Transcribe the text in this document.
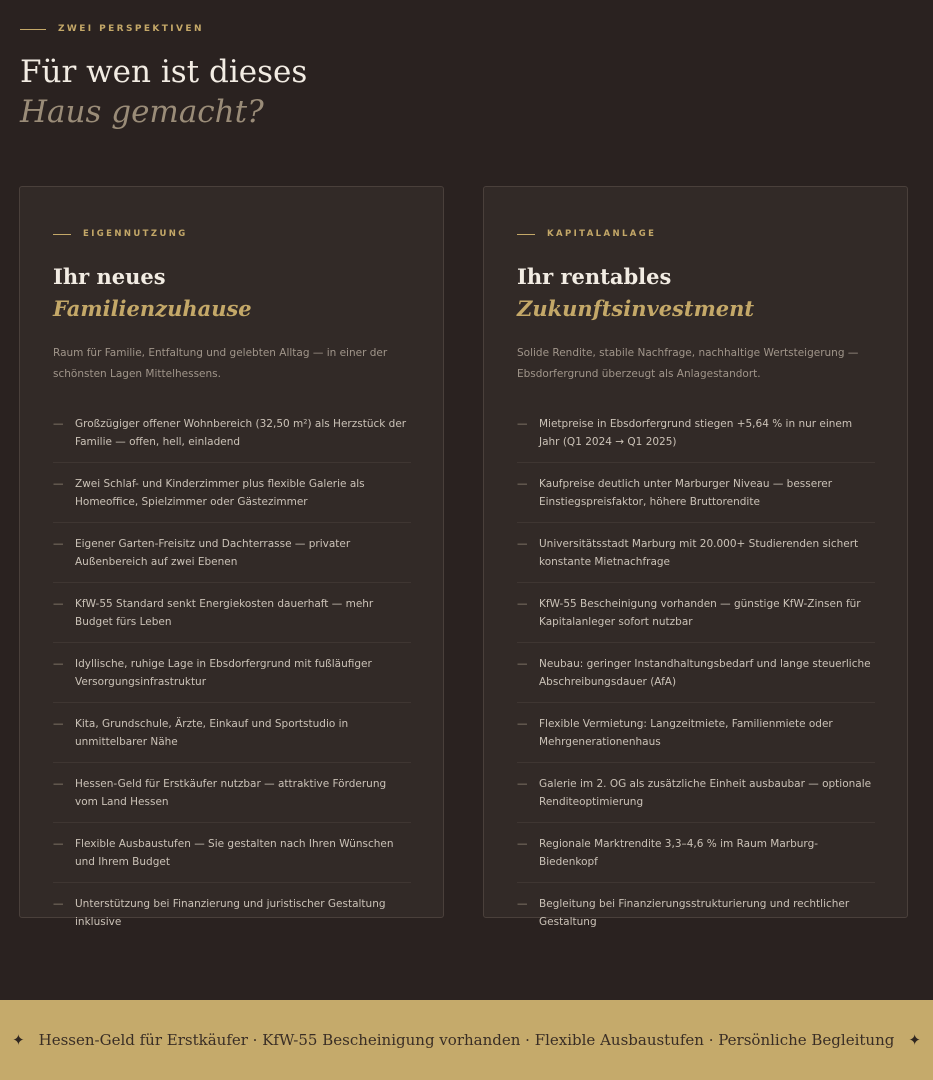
ZWEI PERSPEKTIVEN
Für wen ist dieses
Haus gemacht?
EIGENNUTZUNG
Ihr neues
Familienzuhause

Raum für Familie, Entfaltung und gelebten Alltag — in einer der schönsten Lagen Mittelhessens.

— Großzügiger offener Wohnbereich (32,50 m²) als Herzstück der Familie — offen, hell, einladend
— Zwei Schlaf- und Kinderzimmer plus flexible Galerie als Homeoffice, Spielzimmer oder Gästezimmer
— Eigener Garten-Freisitz und Dachterrasse — privater Außenbereich auf zwei Ebenen
— KfW-55 Standard senkt Energiekosten dauerhaft — mehr Budget fürs Leben
— Idyllische, ruhige Lage in Ebsdorfergrund mit fußläufiger Versorgungsinfrastruktur
— Kita, Grundschule, Ärzte, Einkauf und Sportstudio in unmittelbarer Nähe
— Hessen-Geld für Erstkäufer nutzbar — attraktive Förderung vom Land Hessen
— Flexible Ausbaustufen — Sie gestalten nach Ihren Wünschen und Ihrem Budget
— Unterstützung bei Finanzierung und juristischer Gestaltung inklusive
KAPITALANLAGE
Ihr rentables
Zukunftsinvestment

Solide Rendite, stabile Nachfrage, nachhaltige Wertsteigerung — Ebsdorfergrund überzeugt als Anlagestandort.

— Mietpreise in Ebsdorfergrund stiegen +5,64 % in nur einem Jahr (Q1 2024 → Q1 2025)
— Kaufpreise deutlich unter Marburger Niveau — besserer Einstiegspreisfaktor, höhere Bruttorendite
— Universitätsstadt Marburg mit 20.000+ Studierenden sichert konstante Mietnachfrage
— KfW-55 Bescheinigung vorhanden — günstige KfW-Zinsen für Kapitalanleger sofort nutzbar
— Neubau: geringer Instandhaltungsbedarf und lange steuerliche Abschreibungsdauer (AfA)
— Flexible Vermietung: Langzeitmiete, Familienmiete oder Mehrgenerationenhaus
— Galerie im 2. OG als zusätzliche Einheit ausbaubar — optionale Renditeoptimierung
— Regionale Marktrendite 3,3–4,6 % im Raum Marburg-Biedenkopf
— Begleitung bei Finanzierungsstrukturierung und rechtlicher Gestaltung
✦ Hessen-Geld für Erstkäufer · KfW-55 Bescheinigung vorhanden · Flexible Ausbaustufen · Persönliche Begleitung ✦
